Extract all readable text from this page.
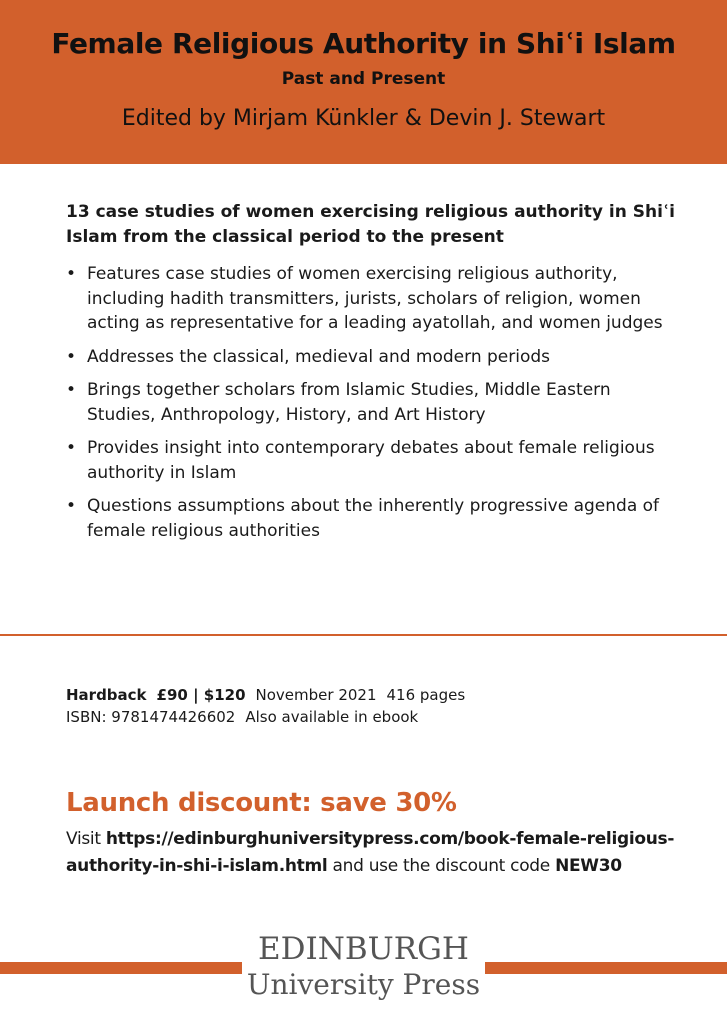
Female Religious Authority in Shiʿi Islam
Past and Present
Edited by Mirjam Künkler & Devin J. Stewart
13 case studies of women exercising religious authority in Shiʿi Islam from the classical period to the present
• Features case studies of women exercising religious authority, including hadith transmitters, jurists, scholars of religion, women acting as representative for a leading ayatollah, and women judges
• Addresses the classical, medieval and modern periods
• Brings together scholars from Islamic Studies, Middle Eastern Studies, Anthropology, History, and Art History
• Provides insight into contemporary debates about female religious authority in Islam
• Questions assumptions about the inherently progressive agenda of female religious authorities
Hardback £90 | $120 November 2021 416 pages
ISBN: 9781474426602 Also available in ebook
Launch discount: save 30%
Visit https://edinburghuniversitypress.com/book-female-religious-authority-in-shi-i-islam.html and use the discount code NEW30
EDINBURGH
University Press
